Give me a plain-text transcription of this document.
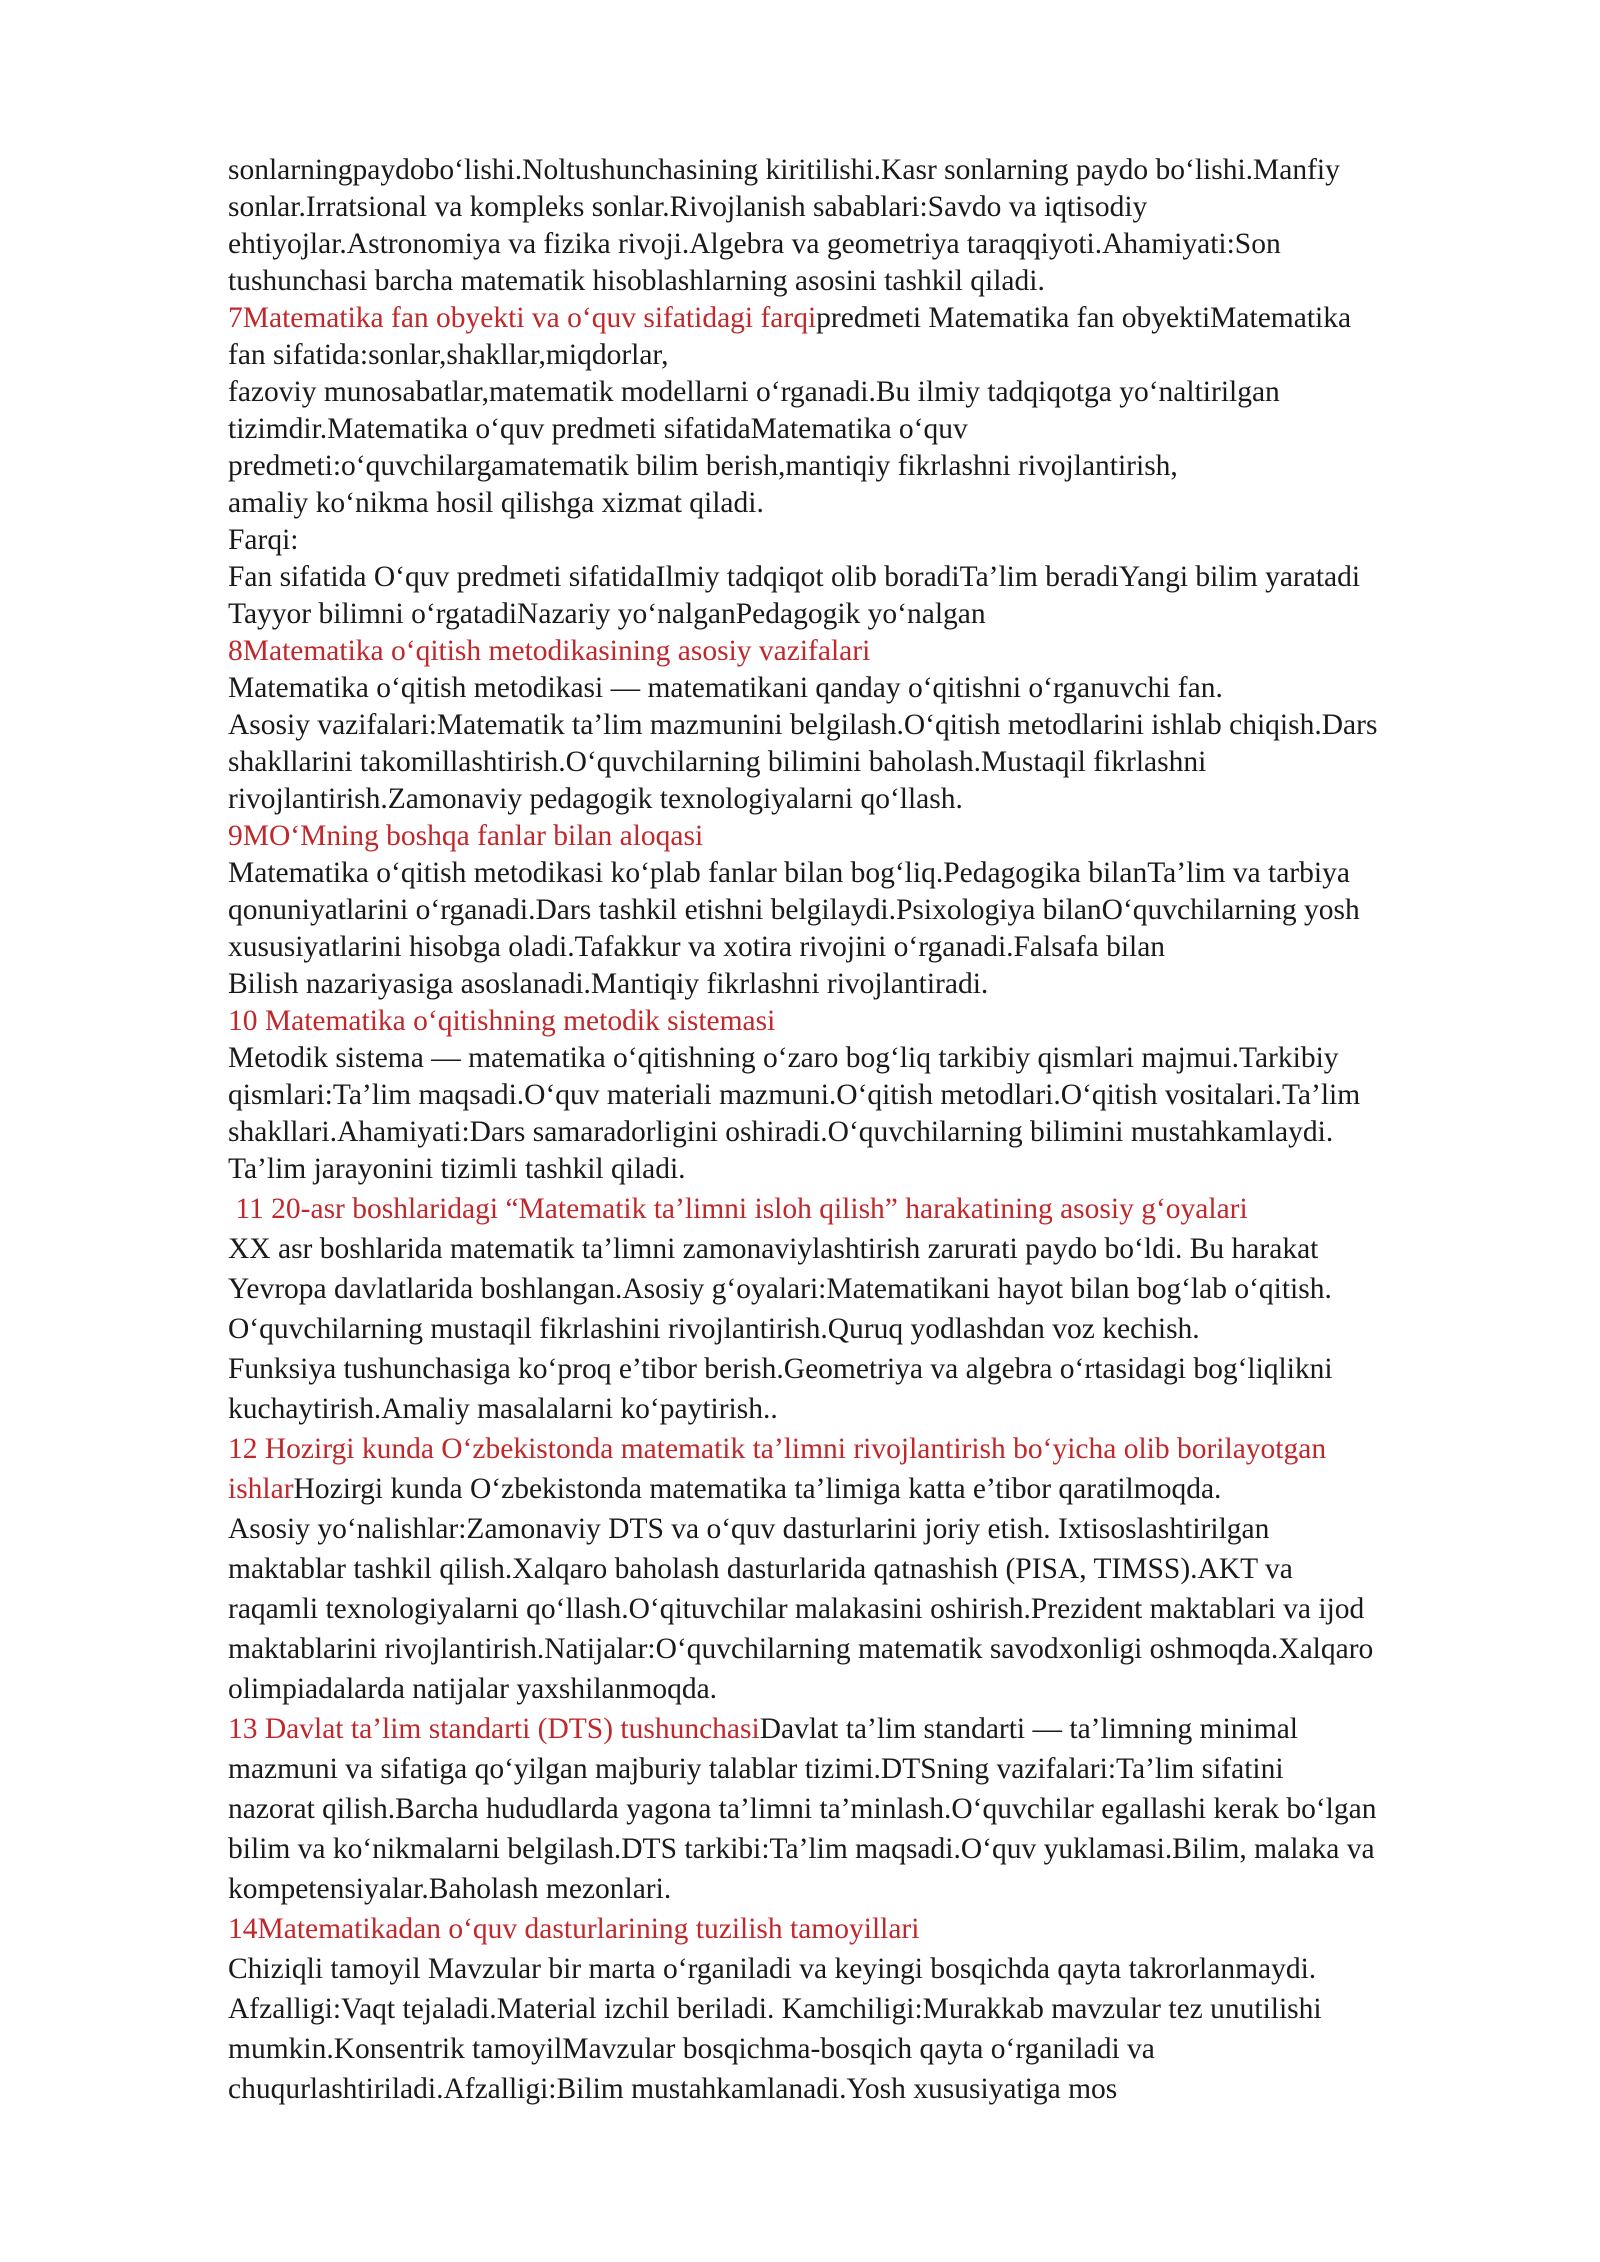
sonlarningpaydobo‘lishi.Noltushunchasining kiritilishi.Kasr sonlarning paydo bo‘lishi.Manfiy

sonlar.Irratsional va kompleks sonlar.Rivojlanish sabablari:Savdo va iqtisodiy

ehtiyojlar.Astronomiya va fizika rivoji.Algebra va geometriya taraqqiyoti.Ahamiyati:Son

tushunchasi barcha matematik hisoblashlarning asosini tashkil qiladi.

7Matematika fan obyekti va o‘quv sifatidagi farqipredmeti Matematika fan obyektiMatematika

fan sifatida:sonlar,shakllar,miqdorlar,

fazoviy munosabatlar,matematik modellarni o‘rganadi.Bu ilmiy tadqiqotga yo‘naltirilgan

tizimdir.Matematika o‘quv predmeti sifatidaMatematika o‘quv

predmeti:o‘quvchilargamatematik bilim berish,mantiqiy fikrlashni rivojlantirish,

amaliy ko‘nikma hosil qilishga xizmat qiladi.

Farqi:

Fan sifatida O‘quv predmeti sifatidaIlmiy tadqiqot olib boradiTa’lim beradiYangi bilim yaratadi

Tayyor bilimni o‘rgatadiNazariy yo‘nalganPedagogik yo‘nalgan

8Matematika o‘qitish metodikasining asosiy vazifalari

Matematika o‘qitish metodikasi — matematikani qanday o‘qitishni o‘rganuvchi fan.

Asosiy vazifalari:Matematik ta’lim mazmunini belgilash.O‘qitish metodlarini ishlab chiqish.Dars

shakllarini takomillashtirish.O‘quvchilarning bilimini baholash.Mustaqil fikrlashni

rivojlantirish.Zamonaviy pedagogik texnologiyalarni qo‘llash.

9MO‘Mning boshqa fanlar bilan aloqasi

Matematika o‘qitish metodikasi ko‘plab fanlar bilan bog‘liq.Pedagogika bilanTa’lim va tarbiya

qonuniyatlarini o‘rganadi.Dars tashkil etishni belgilaydi.Psixologiya bilanO‘quvchilarning yosh

xususiyatlarini hisobga oladi.Tafakkur va xotira rivojini o‘rganadi.Falsafa bilan

Bilish nazariyasiga asoslanadi.Mantiqiy fikrlashni rivojlantiradi.

10 Matematika o‘qitishning metodik sistemasi

Metodik sistema — matematika o‘qitishning o‘zaro bog‘liq tarkibiy qismlari majmui.Tarkibiy

qismlari:Ta’lim maqsadi.O‘quv materiali mazmuni.O‘qitish metodlari.O‘qitish vositalari.Ta’lim

shakllari.Ahamiyati:Dars samaradorligini oshiradi.O‘quvchilarning bilimini mustahkamlaydi.

Ta’lim jarayonini tizimli tashkil qiladi.

11 20-asr boshlaridagi “Matematik ta’limni isloh qilish” harakatining asosiy g‘oyalari

XX asr boshlarida matematik ta’limni zamonaviylashtirish zarurati paydo bo‘ldi. Bu harakat

Yevropa davlatlarida boshlangan.Asosiy g‘oyalari:Matematikani hayot bilan bog‘lab o‘qitish.

O‘quvchilarning mustaqil fikrlashini rivojlantirish.Quruq yodlashdan voz kechish.

Funksiya tushunchasiga ko‘proq e’tibor berish.Geometriya va algebra o‘rtasidagi bog‘liqlikni

kuchaytirish.Amaliy masalalarni ko‘paytirish..

12 Hozirgi kunda O‘zbekistonda matematik ta’limni rivojlantirish bo‘yicha olib borilayotgan

ishlarHozirgi kunda O‘zbekistonda matematika ta’limiga katta e’tibor qaratilmoqda.

Asosiy yo‘nalishlar:Zamonaviy DTS va o‘quv dasturlarini joriy etish. Ixtisoslashtirilgan

maktablar tashkil qilish.Xalqaro baholash dasturlarida qatnashish (PISA, TIMSS).AKT va

raqamli texnologiyalarni qo‘llash.O‘qituvchilar malakasini oshirish.Prezident maktablari va ijod

maktablarini rivojlantirish.Natijalar:O‘quvchilarning matematik savodxonligi oshmoqda.Xalqaro

olimpiadalarda natijalar yaxshilanmoqda.

13 Davlat ta’lim standarti (DTS) tushunchasiDavlat ta’lim standarti — ta’limning minimal

mazmuni va sifatiga qo‘yilgan majburiy talablar tizimi.DTSning vazifalari:Ta’lim sifatini

nazorat qilish.Barcha hududlarda yagona ta’limni ta’minlash.O‘quvchilar egallashi kerak bo‘lgan

bilim va ko‘nikmalarni belgilash.DTS tarkibi:Ta’lim maqsadi.O‘quv yuklamasi.Bilim, malaka va

kompetensiyalar.Baholash mezonlari.

14Matematikadan o‘quv dasturlarining tuzilish tamoyillari

Chiziqli tamoyil Mavzular bir marta o‘rganiladi va keyingi bosqichda qayta takrorlanmaydi.

Afzalligi:Vaqt tejaladi.Material izchil beriladi. Kamchiligi:Murakkab mavzular tez unutilishi

mumkin.Konsentrik tamoyilMavzular bosqichma-bosqich qayta o‘rganiladi va

chuqurlashtiriladi.Afzalligi:Bilim mustahkamlanadi.Yosh xususiyatiga mos
